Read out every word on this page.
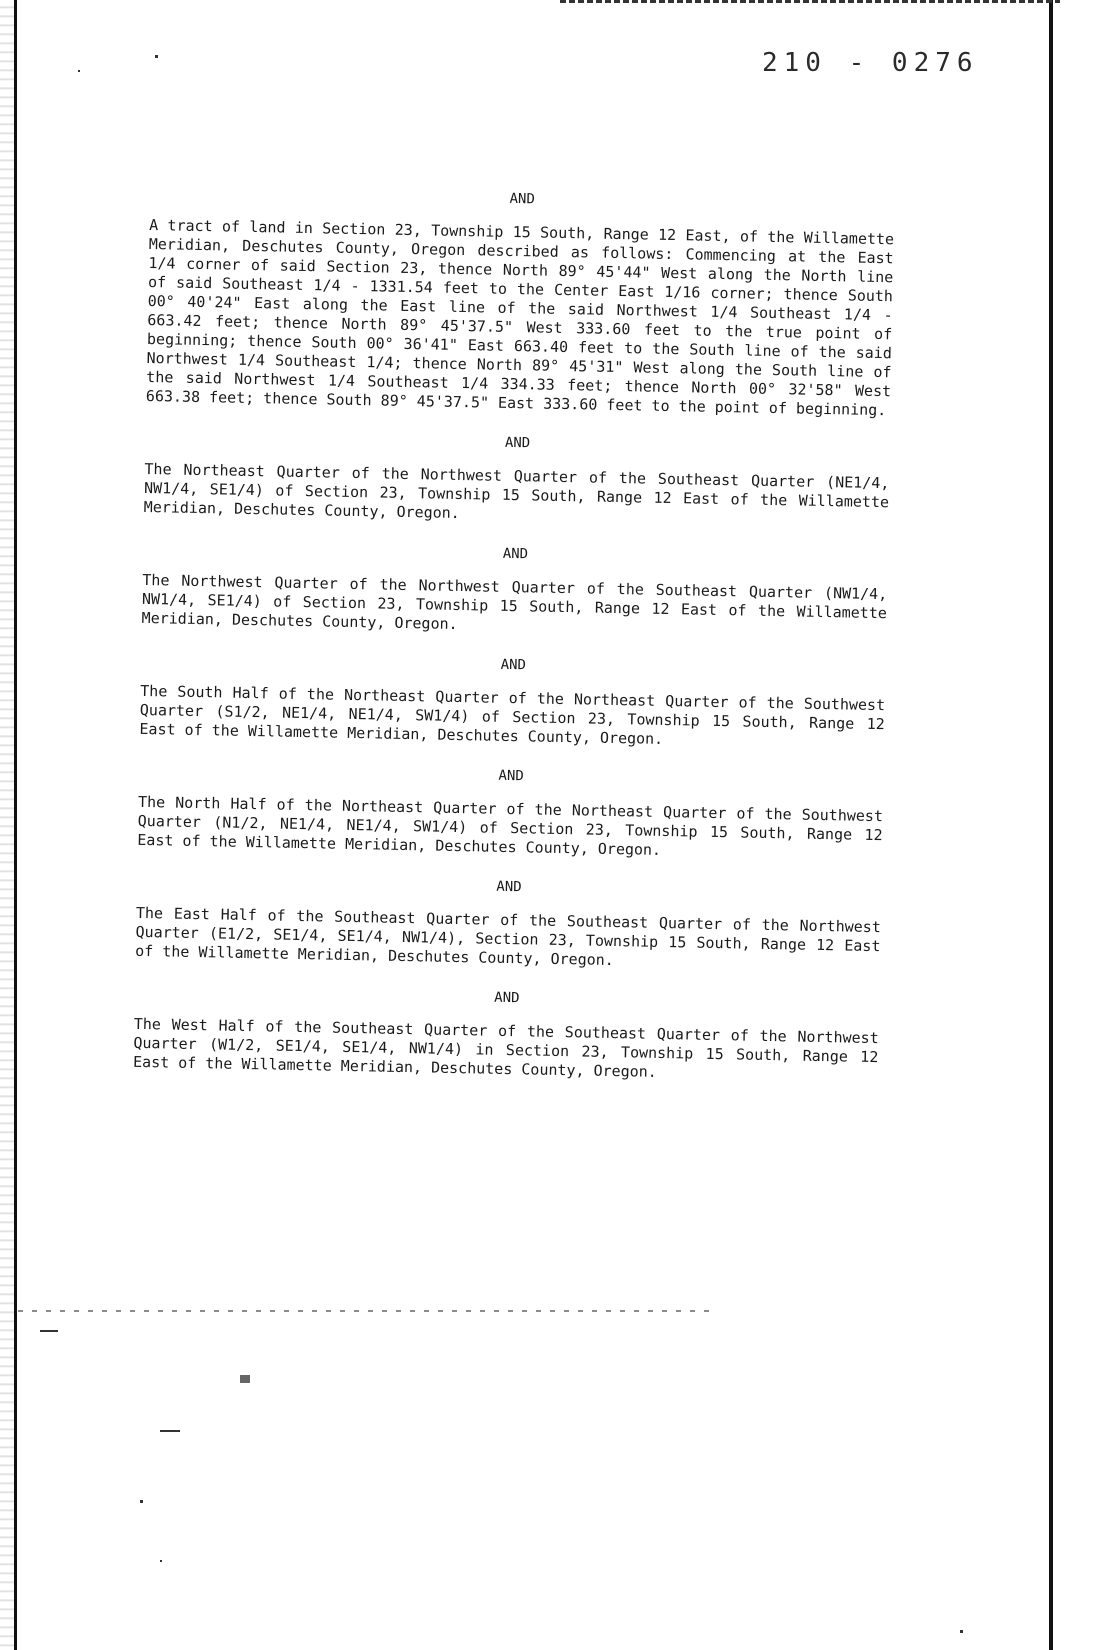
210 - 0276

AND

A tract of land in Section 23, Township 15 South, Range 12 East, of the Willamette Meridian, Deschutes County, Oregon described as follows: Commencing at the East 1/4 corner of said Section 23, thence North 89° 45'44" West along the North line of said Southeast 1/4 - 1331.54 feet to the Center East 1/16 corner; thence South 00° 40'24" East along the East line of the said Northwest 1/4 Southeast 1/4 - 663.42 feet; thence North 89° 45'37.5" West 333.60 feet to the true point of beginning; thence South 00° 36'41" East 663.40 feet to the South line of the said Northwest 1/4 Southeast 1/4; thence North 89° 45'31" West along the South line of the said Northwest 1/4 Southeast 1/4 334.33 feet; thence North 00° 32'58" West 663.38 feet; thence South 89° 45'37.5" East 333.60 feet to the point of beginning.

AND

The Northeast Quarter of the Northwest Quarter of the Southeast Quarter (NE1/4, NW1/4, SE1/4) of Section 23, Township 15 South, Range 12 East of the Willamette Meridian, Deschutes County, Oregon.

AND

The Northwest Quarter of the Northwest Quarter of the Southeast Quarter (NW1/4, NW1/4, SE1/4) of Section 23, Township 15 South, Range 12 East of the Willamette Meridian, Deschutes County, Oregon.

AND

The South Half of the Northeast Quarter of the Northeast Quarter of the Southwest Quarter (S1/2, NE1/4, NE1/4, SW1/4) of Section 23, Township 15 South, Range 12 East of the Willamette Meridian, Deschutes County, Oregon.

AND

The North Half of the Northeast Quarter of the Northeast Quarter of the Southwest Quarter (N1/2, NE1/4, NE1/4, SW1/4) of Section 23, Township 15 South, Range 12 East of the Willamette Meridian, Deschutes County, Oregon.

AND

The East Half of the Southeast Quarter of the Southeast Quarter of the Northwest Quarter (E1/2, SE1/4, SE1/4, NW1/4), Section 23, Township 15 South, Range 12 East of the Willamette Meridian, Deschutes County, Oregon.

AND

The West Half of the Southeast Quarter of the Southeast Quarter of the Northwest Quarter (W1/2, SE1/4, SE1/4, NW1/4) in Section 23, Township 15 South, Range 12 East of the Willamette Meridian, Deschutes County, Oregon.
